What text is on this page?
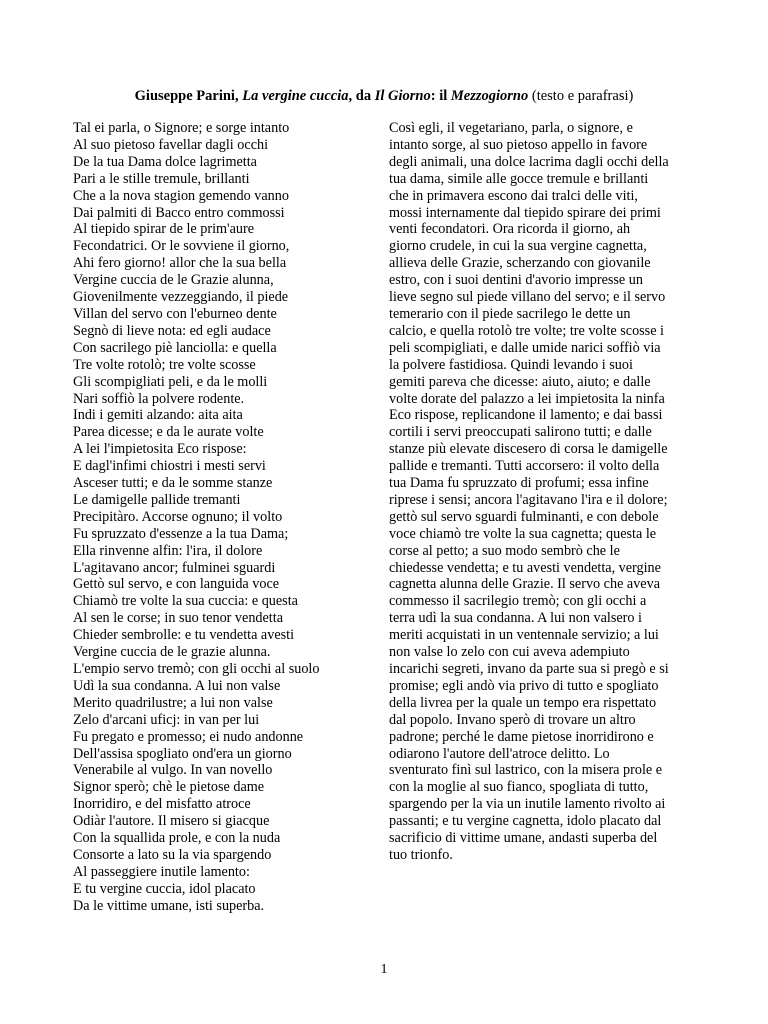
Giuseppe Parini, La vergine cuccia, da Il Giorno: il Mezzogiorno (testo e parafrasi)
Tal ei parla, o Signore; e sorge intanto
Al suo pietoso favellar dagli occhi
De la tua Dama dolce lagrimetta
Pari a le stille tremule, brillanti
Che a la nova stagion gemendo vanno
Dai palmiti di Bacco entro commossi
Al tiepido spirar de le prim'aure
Fecondatrici. Or le sovviene il giorno,
Ahi fero giorno! allor che la sua bella
Vergine cuccia de le Grazie alunna,
Giovenilmente vezzeggiando, il piede
Villan del servo con l'eburneo dente
Segnò di lieve nota: ed egli audace
Con sacrilego piè lanciolla: e quella
Tre volte rotolò; tre volte scosse
Gli scompigliati peli, e da le molli
Nari soffiò la polvere rodente.
Indi i gemiti alzando: aita aita
Parea dicesse; e da le aurate volte
A lei l'impietosita Eco rispose:
E dagl'infimi chiostri i mesti servi
Asceser tutti; e da le somme stanze
Le damigelle pallide tremanti
Precipitàro. Accorse ognuno; il volto
Fu spruzzato d'essenze a la tua Dama;
Ella rinvenne alfin: l'ira, il dolore
L'agitavano ancor; fulminei sguardi
Gettò sul servo, e con languida voce
Chiamò tre volte la sua cuccia: e questa
Al sen le corse; in suo tenor vendetta
Chieder sembrolle: e tu vendetta avesti
Vergine cuccia de le grazie alunna.
L'empio servo tremò; con gli occhi al suolo
Udì la sua condanna. A lui non valse
Merito quadrilustre; a lui non valse
Zelo d'arcani uficj: in van per lui
Fu pregato e promesso; ei nudo andonne
Dell'assisa spogliato ond'era un giorno
Venerabile al vulgo. In van novello
Signor sperò; chè le pietose dame
Inorridiro, e del misfatto atroce
Odiàr l'autore. Il misero si giacque
Con la squallida prole, e con la nuda
Consorte a lato su la via spargendo
Al passeggiere inutile lamento:
E tu vergine cuccia, idol placato
Da le vittime umane, isti superba.
Così egli, il vegetariano, parla, o signore, e
intanto sorge, al suo pietoso appello in favore
degli animali, una dolce lacrima dagli occhi della
tua dama, simile alle gocce tremule e brillanti
che in primavera escono dai tralci delle viti,
mossi internamente dal tiepido spirare dei primi
venti fecondatori. Ora ricorda il giorno, ah
giorno crudele, in cui la sua vergine cagnetta,
allieva delle Grazie, scherzando con giovanile
estro, con i suoi dentini d'avorio impresse un
lieve segno sul piede villano del servo; e il servo
temerario con il piede sacrilego le dette un
calcio, e quella rotolò tre volte; tre volte scosse i
peli scompigliati, e dalle umide narici soffiò via
la polvere fastidiosa. Quindi levando i suoi
gemiti pareva che dicesse: aiuto, aiuto; e dalle
volte dorate del palazzo a lei impietosita la ninfa
Eco rispose, replicandone il lamento; e dai bassi
cortili i servi preoccupati salirono tutti; e dalle
stanze più elevate discesero di corsa le damigelle
pallide e tremanti. Tutti accorsero: il volto della
tua Dama fu spruzzato di profumi; essa infine
riprese i sensi; ancora l'agitavano l'ira e il dolore;
gettò sul servo sguardi fulminanti, e con debole
voce chiamò tre volte la sua cagnetta; questa le
corse al petto; a suo modo sembrò che le
chiedesse vendetta; e tu avesti vendetta, vergine
cagnetta alunna delle Grazie. Il servo che aveva
commesso il sacrilegio tremò; con gli occhi a
terra udì la sua condanna. A lui non valsero i
meriti acquistati in un ventennale servizio; a lui
non valse lo zelo con cui aveva adempiuto
incarichi segreti, invano da parte sua si pregò e si
promise; egli andò via privo di tutto e spogliato
della livrea per la quale un tempo era rispettato
dal popolo. Invano sperò di trovare un altro
padrone; perché le dame pietose inorridirono e
odiarono l'autore dell'atroce delitto. Lo
sventurato finì sul lastrico, con la misera prole e
con la moglie al suo fianco, spogliata di tutto,
spargendo per la via un inutile lamento rivolto ai
passanti; e tu vergine cagnetta, idolo placato dal
sacrificio di vittime umane, andasti superba del
tuo trionfo.
1
